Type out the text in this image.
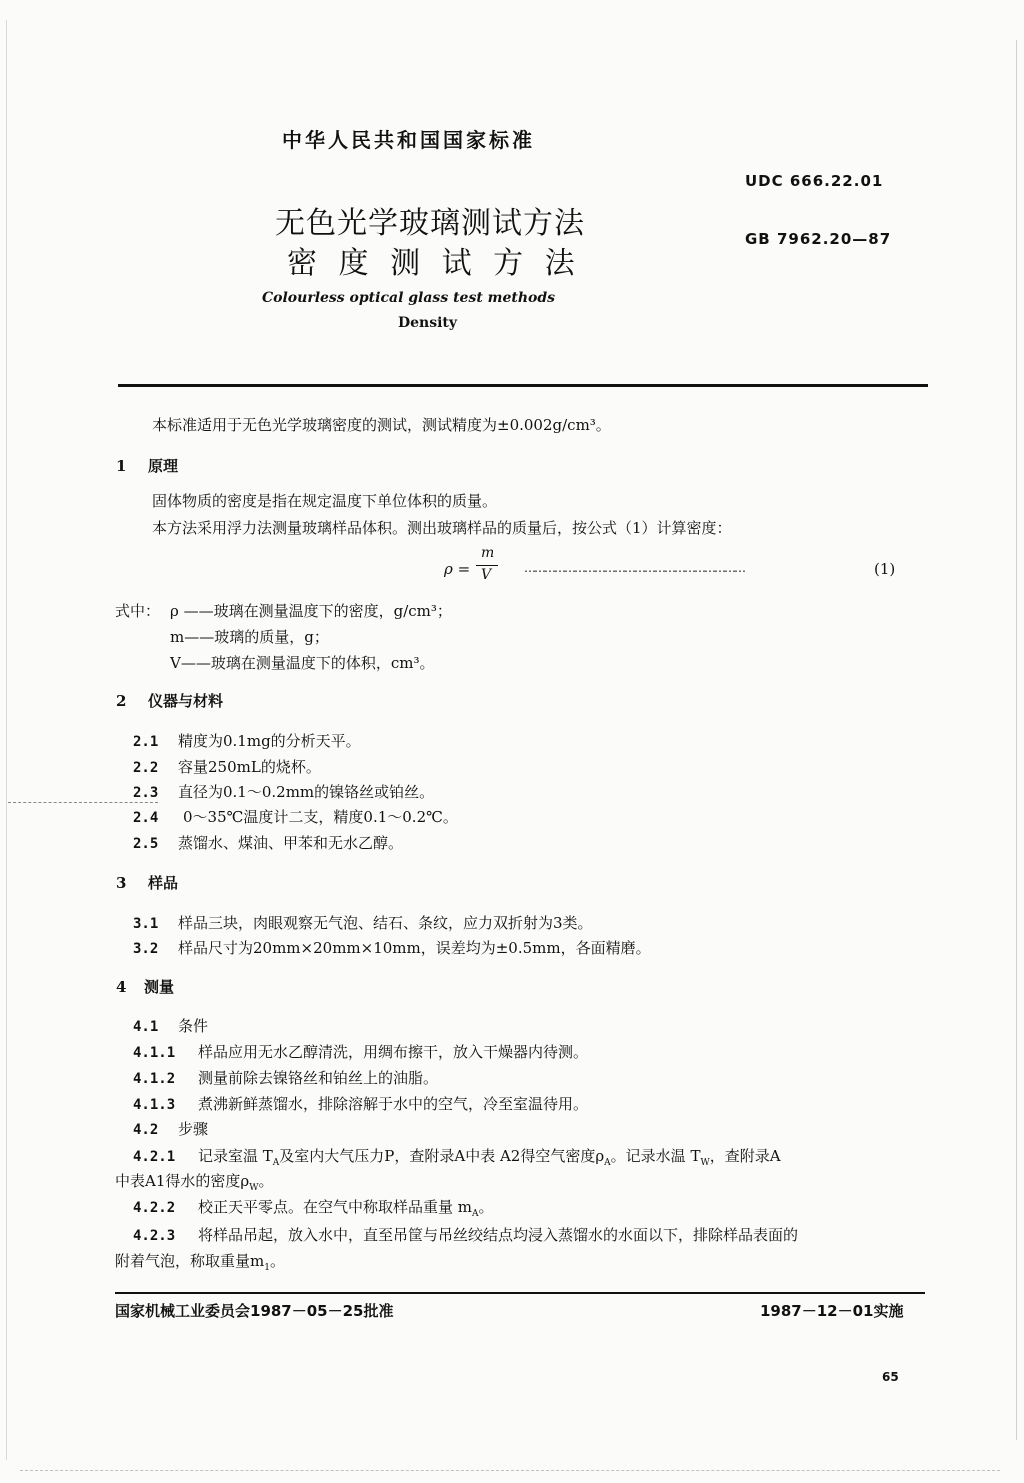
中华人民共和国国家标准
UDC 666.22.01
GB 7962.20—87
无色光学玻璃测试方法
密 度 测 试 方 法
Colourless optical glass test methods
Density
本标准适用于无色光学玻璃密度的测试，测试精度为±0.002g/cm³。
1 原理
固体物质的密度是指在规定温度下单位体积的质量。
本方法采用浮力法测量玻璃样品体积。测出玻璃样品的质量后，按公式（1）计算密度：
ρ =
m
V	…………………………………………………………	(1)
式中： ρ ——玻璃在测量温度下的密度，g/cm³；
m——玻璃的质量，g；
V——玻璃在测量温度下的体积，cm³。
2 仪器与材料
2.1 精度为0.1mg的分析天平。
2.2 容量250mL的烧杯。
2.3 直径为0.1～0.2mm的镍铬丝或铂丝。
2.4 0～35℃温度计二支，精度0.1～0.2℃。
2.5 蒸馏水、煤油、甲苯和无水乙醇。
3 样品
3.1 样品三块，肉眼观察无气泡、结石、条纹，应力双折射为3类。
3.2 样品尺寸为20mm×20mm×10mm，误差均为±0.5mm，各面精磨。
4 测量
4.1 条件
4.1.1 样品应用无水乙醇清洗，用绸布擦干，放入干燥器内待测。
4.1.2 测量前除去镍铬丝和铂丝上的油脂。
4.1.3 煮沸新鲜蒸馏水，排除溶解于水中的空气，冷至室温待用。
4.2 步骤
4.2.1 记录室温 $T_A$及室内大气压力P，查附录A中表 A2得空气密度$\rho_A$。记录水温 $T_W$，查附录A
中表A1得水的密度$\rho_W$。
4.2.2 校正天平零点。在空气中称取样品重量 $m_A$。
4.2.3 将样品吊起，放入水中，直至吊筐与吊丝绞结点均浸入蒸馏水的水面以下，排除样品表面的
附着气泡，称取重量$m_1$。
国家机械工业委员会1987－05－25批准	1987－12－01实施
65
